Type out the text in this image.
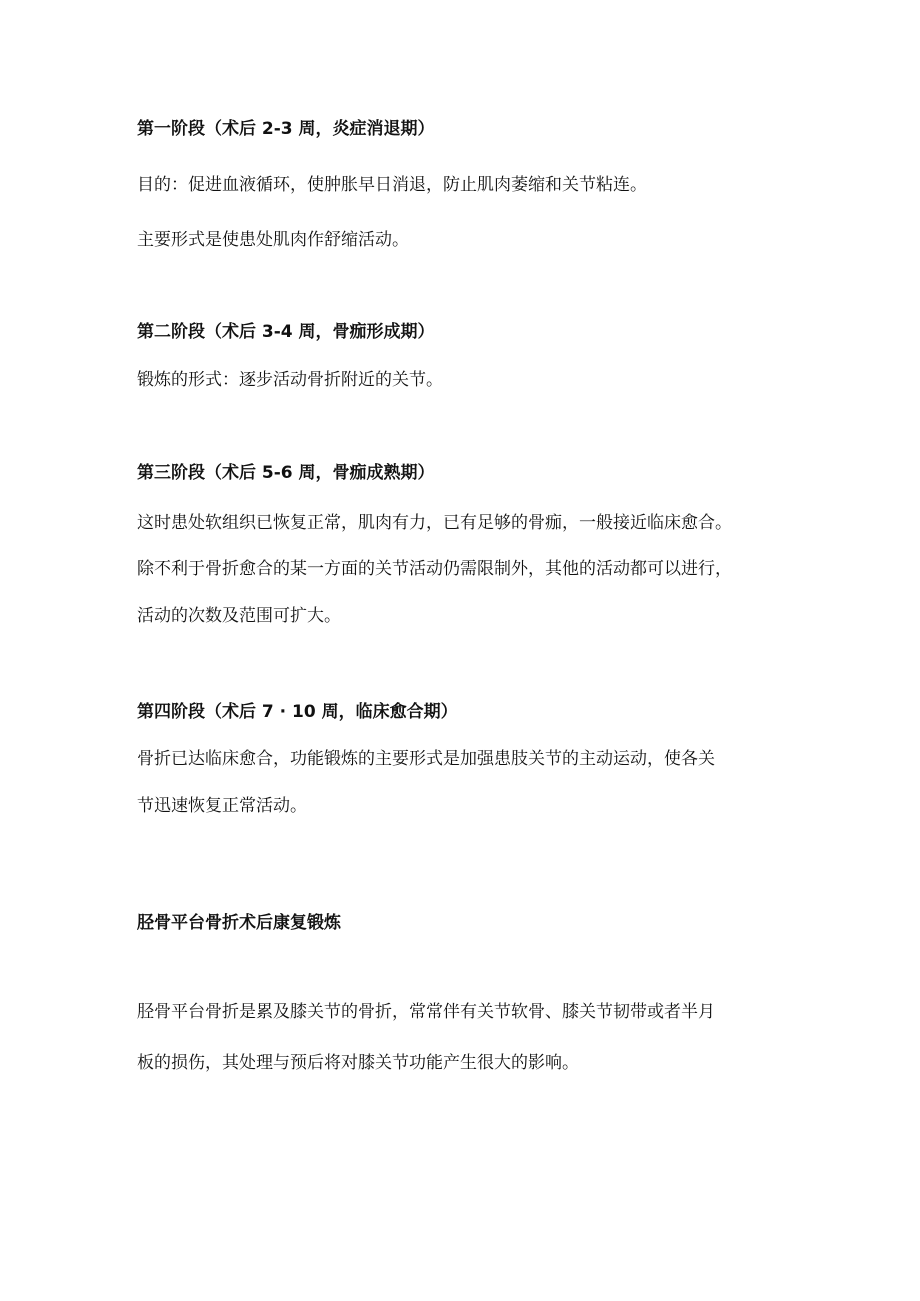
第一阶段（术后 2-3 周，炎症消退期）
目的：促进血液循环，使肿胀早日消退，防止肌肉萎缩和关节粘连。
主要形式是使患处肌肉作舒缩活动。
第二阶段（术后 3-4 周，骨痂形成期）
锻炼的形式：逐步活动骨折附近的关节。
第三阶段（术后 5-6 周，骨痂成熟期）
这时患处软组织已恢复正常，肌肉有力，已有足够的骨痂，一般接近临床愈合。
除不利于骨折愈合的某一方面的关节活动仍需限制外，其他的活动都可以进行，
活动的次数及范围可扩大。
第四阶段（术后 7 · 10 周，临床愈合期）
骨折已达临床愈合，功能锻炼的主要形式是加强患肢关节的主动运动，使各关
节迅速恢复正常活动。
胫骨平台骨折术后康复锻炼
胫骨平台骨折是累及膝关节的骨折，常常伴有关节软骨、膝关节韧带或者半月
板的损伤，其处理与预后将对膝关节功能产生很大的影响。
